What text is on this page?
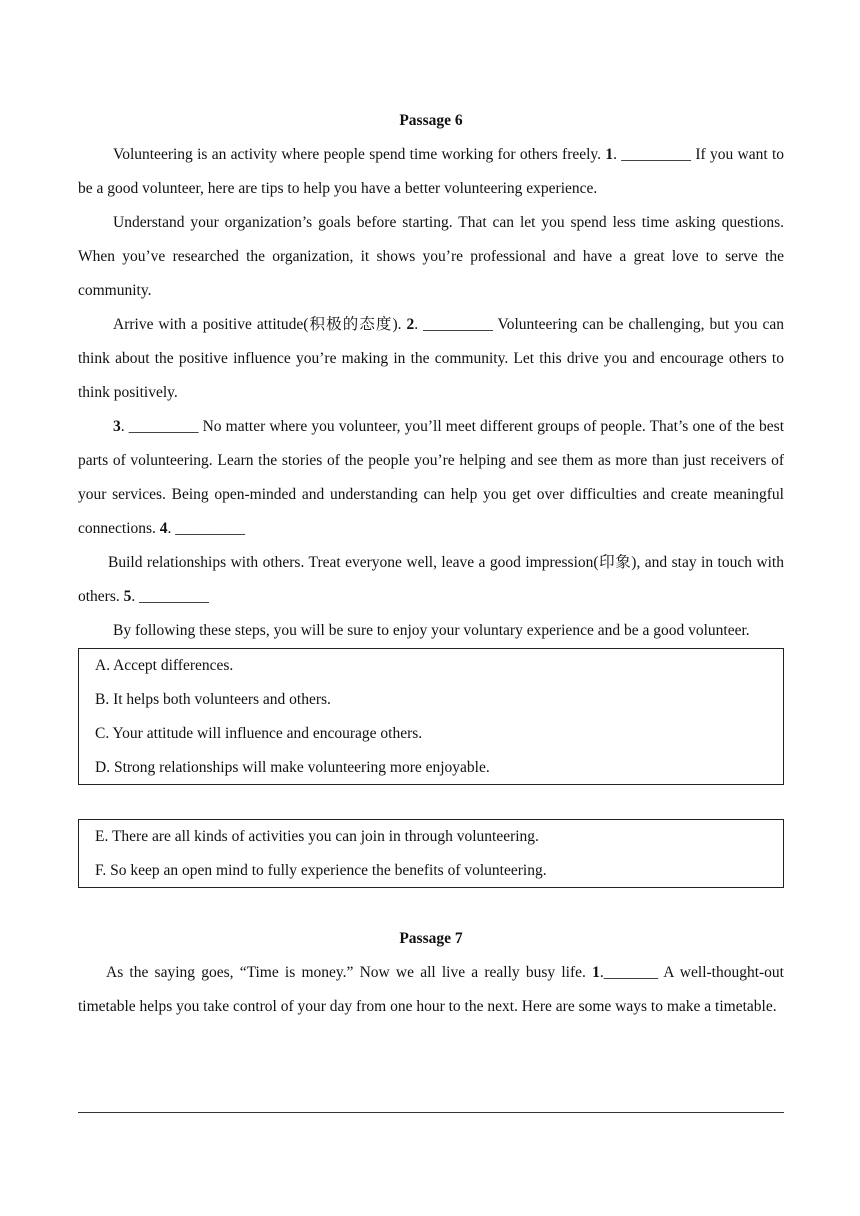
Passage 6

Volunteering is an activity where people spend time working for others freely. 1. _________ If you want to be a good volunteer, here are tips to help you have a better volunteering experience.

Understand your organization’s goals before starting. That can let you spend less time asking questions. When you’ve researched the organization, it shows you’re professional and have a great love to serve the community.

Arrive with a positive attitude(积极的态度). 2. _________ Volunteering can be challenging, but you can think about the positive influence you’re making in the community. Let this drive you and encourage others to think positively.

3. _________ No matter where you volunteer, you’ll meet different groups of people. That’s one of the best parts of volunteering. Learn the stories of the people you’re helping and see them as more than just receivers of your services. Being open-minded and understanding can help you get over difficulties and create meaningful connections. 4. _________

Build relationships with others. Treat everyone well, leave a good impression(印象), and stay in touch with others. 5. _________

By following these steps, you will be sure to enjoy your voluntary experience and be a good volunteer.

A. Accept differences.
B. It helps both volunteers and others.
C. Your attitude will influence and encourage others.
D. Strong relationships will make volunteering more enjoyable.
E. There are all kinds of activities you can join in through volunteering.
F. So keep an open mind to fully experience the benefits of volunteering.
Passage 7

As the saying goes, “Time is money.” Now we all live a really busy life. 1._______ A well-thought-out timetable helps you take control of your day from one hour to the next. Here are some ways to make a timetable.
